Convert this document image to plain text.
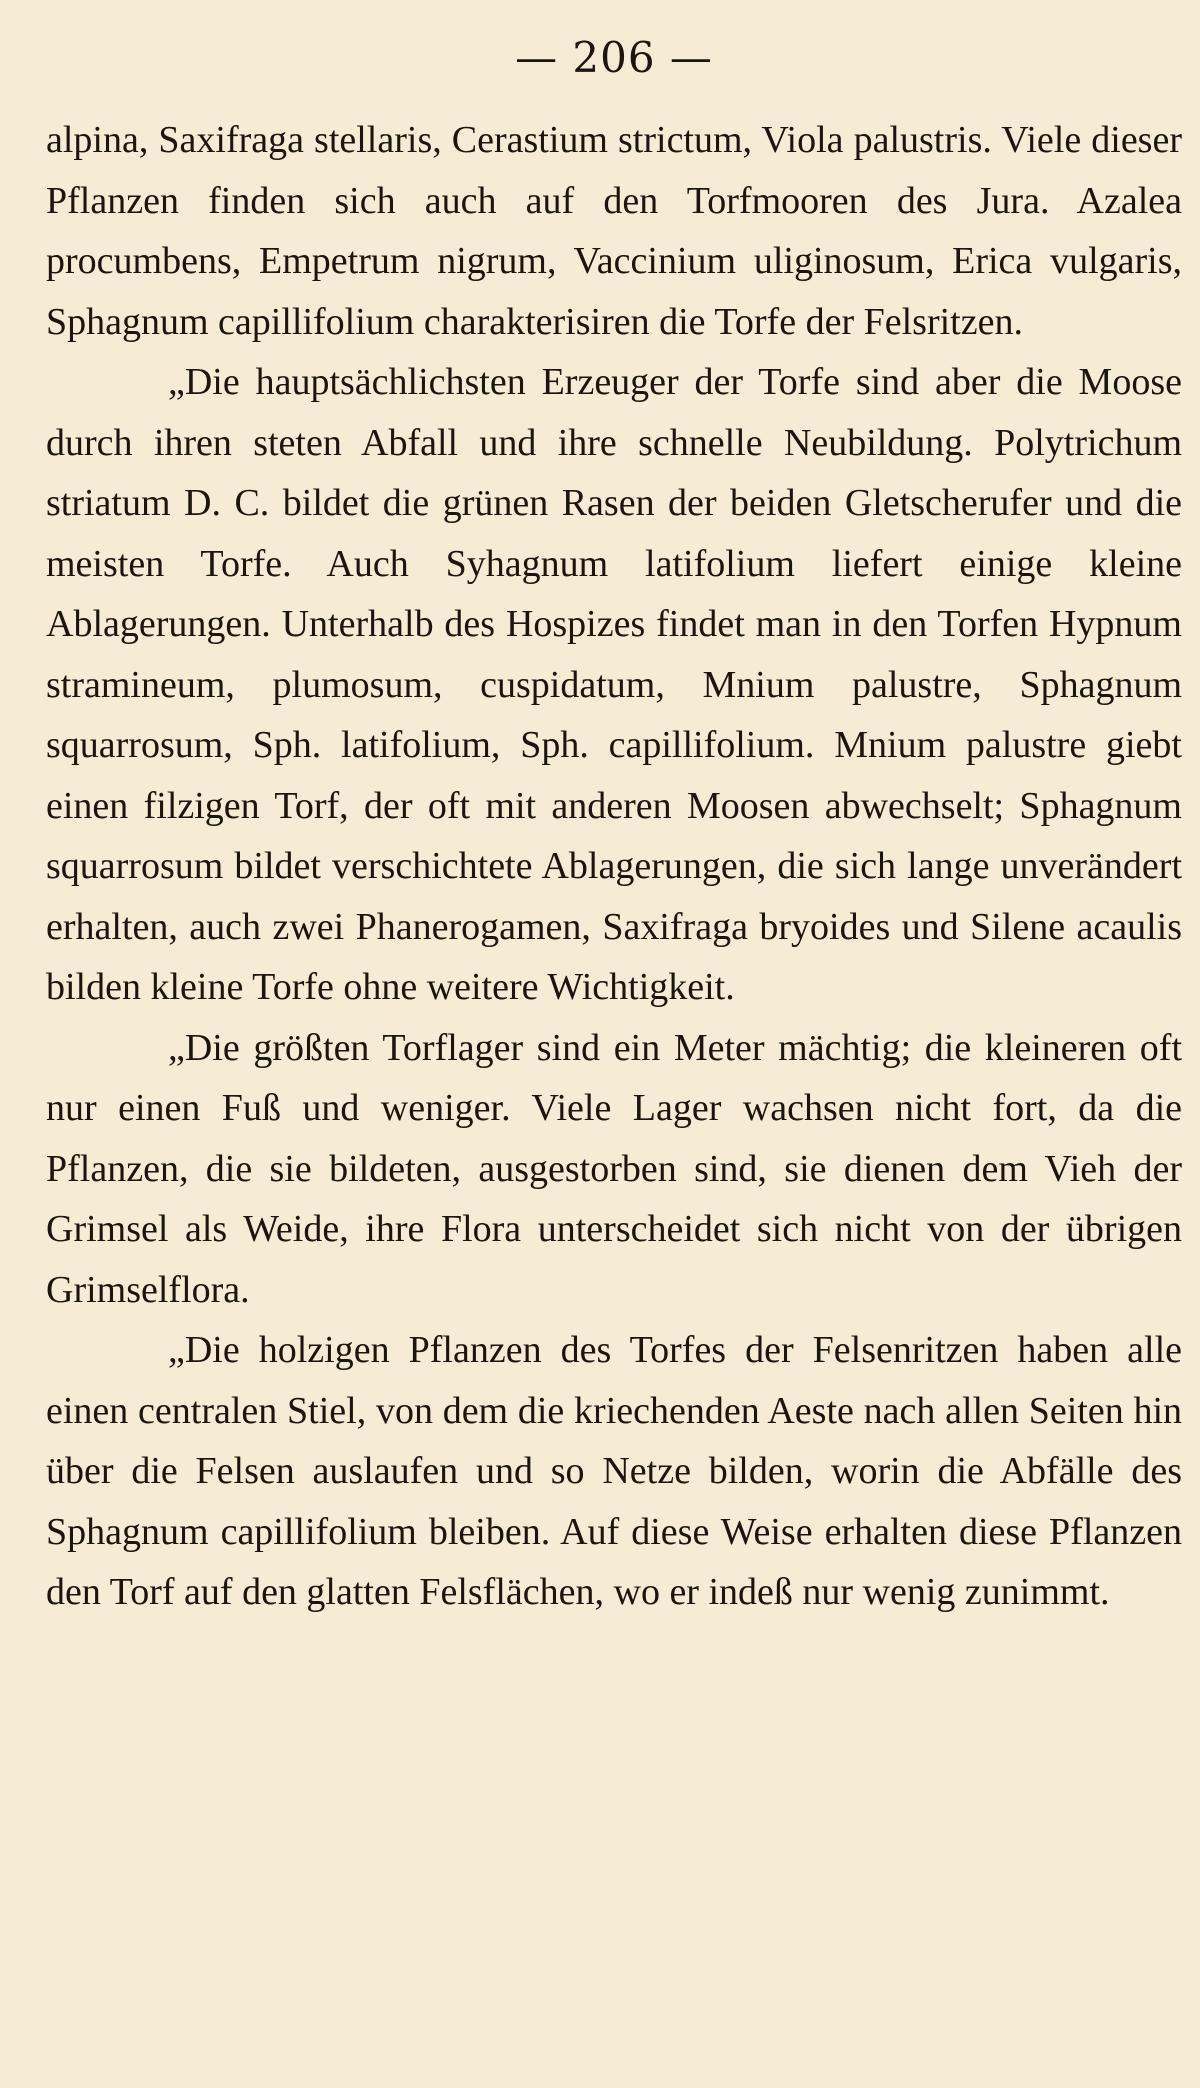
— 206 —

alpina, Saxifraga stellaris, Cerastium strictum, Viola palustris. Viele dieser Pflanzen finden sich auch auf den Torfmooren des Jura. Azalea procumbens, Empetrum nigrum, Vaccinium uliginosum, Erica vulgaris, Sphagnum capillifolium charakterisiren die Torfe der Felsritzen.

„Die hauptsächlichsten Erzeuger der Torfe sind aber die Moose durch ihren steten Abfall und ihre schnelle Neubildung. Polytrichum striatum D. C. bildet die grünen Rasen der beiden Gletscherufer und die meisten Torfe. Auch Syhagnum latifolium liefert einige kleine Ablagerungen. Unterhalb des Hospizes findet man in den Torfen Hypnum stramineum, plumosum, cuspidatum, Mnium palustre, Sphagnum squarrosum, Sph. latifolium, Sph. capillifolium. Mnium palustre giebt einen filzigen Torf, der oft mit anderen Moosen abwechselt; Sphagnum squarrosum bildet verschichtete Ablagerungen, die sich lange unverändert erhalten, auch zwei Phanerogamen, Saxifraga bryoides und Silene acaulis bilden kleine Torfe ohne weitere Wichtigkeit.

„Die größten Torflager sind ein Meter mächtig; die kleineren oft nur einen Fuß und weniger. Viele Lager wachsen nicht fort, da die Pflanzen, die sie bildeten, ausgestorben sind, sie dienen dem Vieh der Grimsel als Weide, ihre Flora unterscheidet sich nicht von der übrigen Grimselflora.

„Die holzigen Pflanzen des Torfes der Felsenritzen haben alle einen centralen Stiel, von dem die kriechenden Aeste nach allen Seiten hin über die Felsen auslaufen und so Netze bilden, worin die Abfälle des Sphagnum capillifolium bleiben. Auf diese Weise erhalten diese Pflanzen den Torf auf den glatten Felsflächen, wo er indeß nur wenig zunimmt.
